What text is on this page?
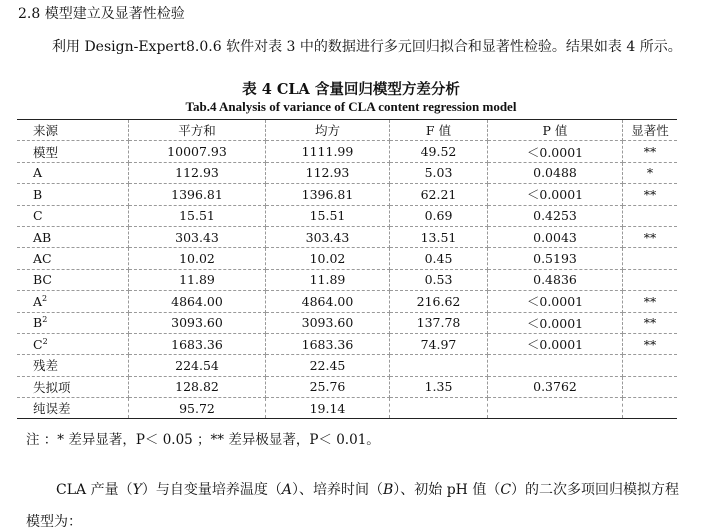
2.8 模型建立及显著性检验
利用 Design-Expert8.0.6 软件对表 3 中的数据进行多元回归拟合和显著性检验。结果如表 4 所示。
表 4 CLA 含量回归模型方差分析
Tab.4 Analysis of variance of CLA content regression model
来源	平方和	均方	F 值	P 值	显著性
模型	10007.93	1111.99	49.52	＜0.0001	**
A	112.93	112.93	5.03	0.0488	*
B	1396.81	1396.81	62.21	＜0.0001	**
C	15.51	15.51	0.69	0.4253	
AB	303.43	303.43	13.51	0.0043	**
AC	10.02	10.02	0.45	0.5193	
BC	11.89	11.89	0.53	0.4836	
$A^2$	4864.00	4864.00	216.62	＜0.0001	**
$B^2$	3093.60	3093.60	137.78	＜0.0001	**
$C^2$	1683.36	1683.36	74.97	＜0.0001	**
残差	224.54	22.45			
失拟项	128.82	25.76	1.35	0.3762	
纯误差	95.72	19.14			
注 ：* 差异显著，P＜ 0.05 ；** 差异极显著，P＜ 0.01。
CLA 产量（Y）与自变量培养温度（A）、培养时间（B）、初始 pH 值（C）的二次多项回归模拟方程
模型为：
